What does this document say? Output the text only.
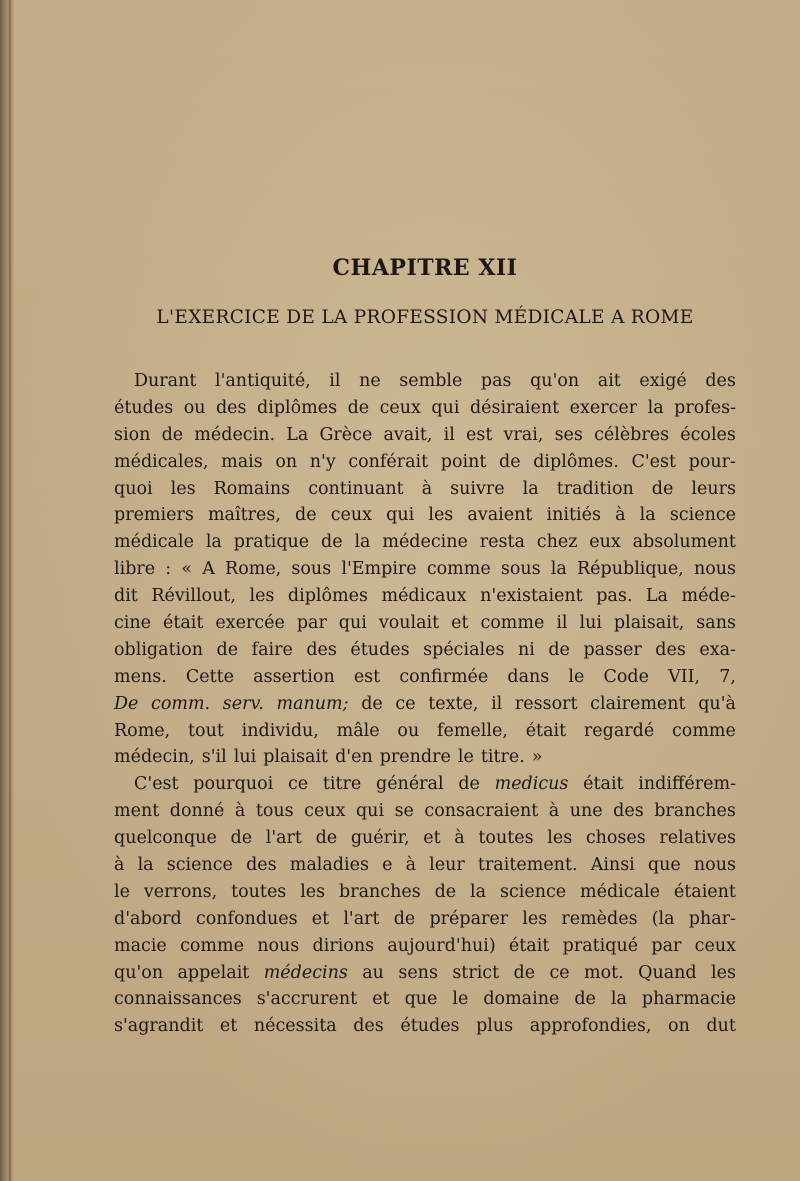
CHAPITRE XII
L'EXERCICE DE LA PROFESSION MÉDICALE A ROME
Durant l'antiquité, il ne semble pas qu'on ait exigé des
études ou des diplômes de ceux qui désiraient exercer la profes-
sion de médecin. La Grèce avait, il est vrai, ses célèbres écoles
médicales, mais on n'y conférait point de diplômes. C'est pour-
quoi les Romains continuant à suivre la tradition de leurs
premiers maîtres, de ceux qui les avaient initiés à la science
médicale la pratique de la médecine resta chez eux absolument
libre : « A Rome, sous l'Empire comme sous la République, nous
dit Révillout, les diplômes médicaux n'existaient pas. La méde-
cine était exercée par qui voulait et comme il lui plaisait, sans
obligation de faire des études spéciales ni de passer des exa-
mens. Cette assertion est confirmée dans le Code VII, 7,
De comm. serv. manum; de ce texte, il ressort clairement qu'à
Rome, tout individu, mâle ou femelle, était regardé comme
médecin, s'il lui plaisait d'en prendre le titre. »
C'est pourquoi ce titre général de medicus était indifférem-
ment donné à tous ceux qui se consacraient à une des branches
quelconque de l'art de guérir, et à toutes les choses relatives
à la science des maladies e à leur traitement. Ainsi que nous
le verrons, toutes les branches de la science médicale étaient
d'abord confondues et l'art de préparer les remèdes (la phar-
macie comme nous dirions aujourd'hui) était pratiqué par ceux
qu'on appelait médecins au sens strict de ce mot. Quand les
connaissances s'accrurent et que le domaine de la pharmacie
s'agrandit et nécessita des études plus approfondies, on dut
